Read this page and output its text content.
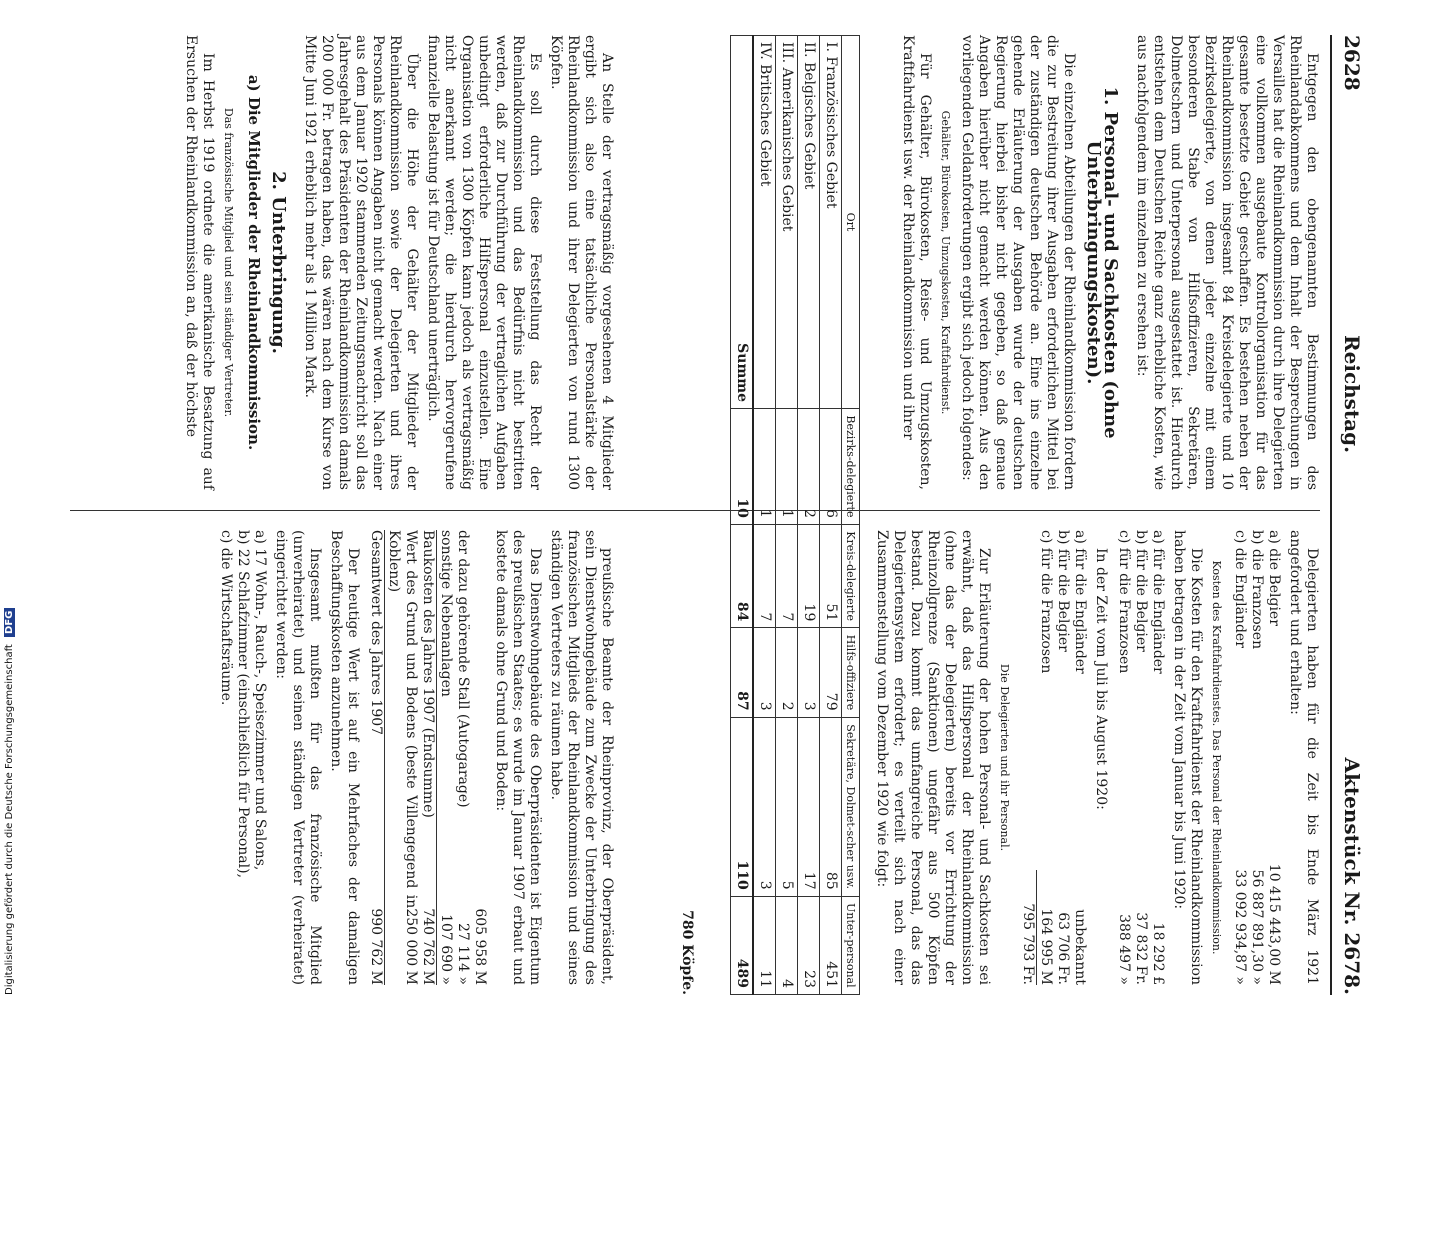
2628
Reichstag.
Aktenstück Nr. 2678.

Entgegen den obengenannten Bestimmungen des Rheinlandabkommens und dem Inhalt der Besprechungen in Versailles hat die Rheinlandkommission durch ihre Delegierten eine vollkommen ausgebaute Kontrollorganisation für das gesamte besetzte Gebiet geschaffen. Es bestehen neben der Rheinlandkommission insgesamt 84 Kreisdelegierte und 10 Bezirksdelegierte, von denen jeder einzelne mit einem besonderen Stabe von Hilfsoffizieren, Sekretären, Dolmetschern und Unterpersonal ausgestattet ist. Hierdurch entstehen dem Deutschen Reiche ganz erhebliche Kosten, wie aus nachfolgendem im einzelnen zu ersehen ist:

1. Personal- und Sachkosten (ohne Unterbringungskosten).

Die einzelnen Abteilungen der Rheinlandkommission fordern die zur Bestreitung ihrer Ausgaben erforderlichen Mittel bei der zuständigen deutschen Behörde an. Eine ins einzelne gehende Erläuterung der Ausgaben wurde der deutschen Regierung hierbei bisher nicht gegeben, so daß genaue Angaben hierüber nicht gemacht werden können. Aus den vorliegenden Geldanforderungen ergibt sich jedoch folgendes:

Gehälter, Bürokosten, Umzugskosten, Kraftfahrdienst.

Für Gehälter, Bürokosten, Reise- und Umzugskosten, Kraftfahrdienst usw. der Rheinlandkommission und ihrer

Delegierten haben für die Zeit bis Ende März 1921 angefordert und erhalten:

a) die Belgier
10 415 443,00 M
b) die Franzosen
56 887 891,30 »
c) die Engländer
33 092 934,87 »
Kosten des Kraftfahrdienstes. Das Personal der Rheinlandkommission.

Die Kosten für den Kraftfahrdienst der Rheinlandkommission haben betragen in der Zeit vom Januar bis Juni 1920:

a) für die Engländer
18 292 £
b) für die Belgier
37 832 Fr.
c) für die Franzosen
388 497 »

In der Zeit vom Juli bis August 1920:

a) für die Engländer
unbekannt
b) für die Belgier
63 706 Fr.
c) für die Franzosen
164 995 M
795 793 Fr.
Die Delegierten und ihr Personal.

Zur Erläuterung der hohen Personal- und Sachkosten sei erwähnt, daß das Hilfspersonal der Rheinlandkommission (ohne das der Delegierten) bereits vor Errichtung der Rheinzollgrenze (Sanktionen) ungefähr aus 500 Köpfen bestand. Dazu kommt das umfangreiche Personal, das das Delegiertensystem erfordert; es verteilt sich nach einer Zusammenstellung vom Dezember 1920 wie folgt:

Ort	Bezirks-delegierte	Kreis-delegierte	Hilfs-offiziere	Sekretäre, Dolmet-scher usw.	Unter-personal
I. Französisches Gebiet	6	51	79	85	451
II. Belgisches Gebiet	2	19	3	17	23
III. Amerikanisches Gebiet	1	7	2	5	4
IV. Britisches Gebiet	1	7	3	3	11
Summe	10	84	87	110	489
780 Köpfe.

An Stelle der vertragsmäßig vorgesehenen 4 Mitglieder ergibt sich also eine tatsächliche Personalstärke der Rheinlandkommission und ihrer Delegierten von rund 1300 Köpfen.

Es soll durch diese Feststellung das Recht der Rheinlandkommission und das Bedürfnis nicht bestritten werden, daß zur Durchführung der vertraglichen Aufgaben unbedingt erforderliche Hilfspersonal einzustellen. Eine Organisation von 1300 Köpfen kann jedoch als vertragsmäßig nicht anerkannt werden; die hierdurch hervorgerufene finanzielle Belastung ist für Deutschland unerträglich.

Über die Höhe der Gehälter der Mitglieder der Rheinlandkommission sowie der Delegierten und ihres Personals können Angaben nicht gemacht werden. Nach einer aus dem Januar 1920 stammenden Zeitungsnachricht soll das Jahresgehalt des Präsidenten der Rheinlandkommission damals 200 000 Fr. betragen haben, das wären nach dem Kurse von Mitte Juni 1921 erheblich mehr als 1 Million Mark.

2. Unterbringung.
a) Die Mitglieder der Rheinlandkommission.
Das französische Mitglied und sein ständiger Vertreter.

Im Herbst 1919 ordnete die amerikanische Besatzung auf Ersuchen der Rheinlandkommission an, daß der höchste

preußische Beamte der Rheinprovinz, der Oberpräsident, sein Dienstwohngebäude zum Zwecke der Unterbringung des französischen Mitglieds der Rheinlandkommission und seines ständigen Vertreters zu räumen habe.

Das Dienstwohngebäude des Oberpräsidenten ist Eigentum des preußischen Staates; es wurde im Januar 1907 erbaut und kostete damals ohne Grund und Boden:

605 958 M
der dazu gehörende Stall (Autogarage)
27 114 »
sonstige Nebenanlagen
107 690 »
Baukosten des Jahres 1907 (Endsumme)
740 762 M
Wert des Grund und Bodens (beste Villengegend in Koblenz)
250 000 M
Gesamtwert des Jahres 1907
990 762 M

Der heutige Wert ist auf ein Mehrfaches der damaligen Beschaffungskosten anzunehmen.

Insgesamt mußten für das französische Mitglied (unverheiratet) und seinen ständigen Vertreter (verheiratet) eingerichtet werden:

a) 17 Wohn-, Rauch-, Speisezimmer und Salons,
b) 22 Schlafzimmer (einschließlich für Personal),
c) die Wirtschaftsräume.
Digitalisierung gefördert durch die Deutsche Forschungsgemeinschaft DFG
